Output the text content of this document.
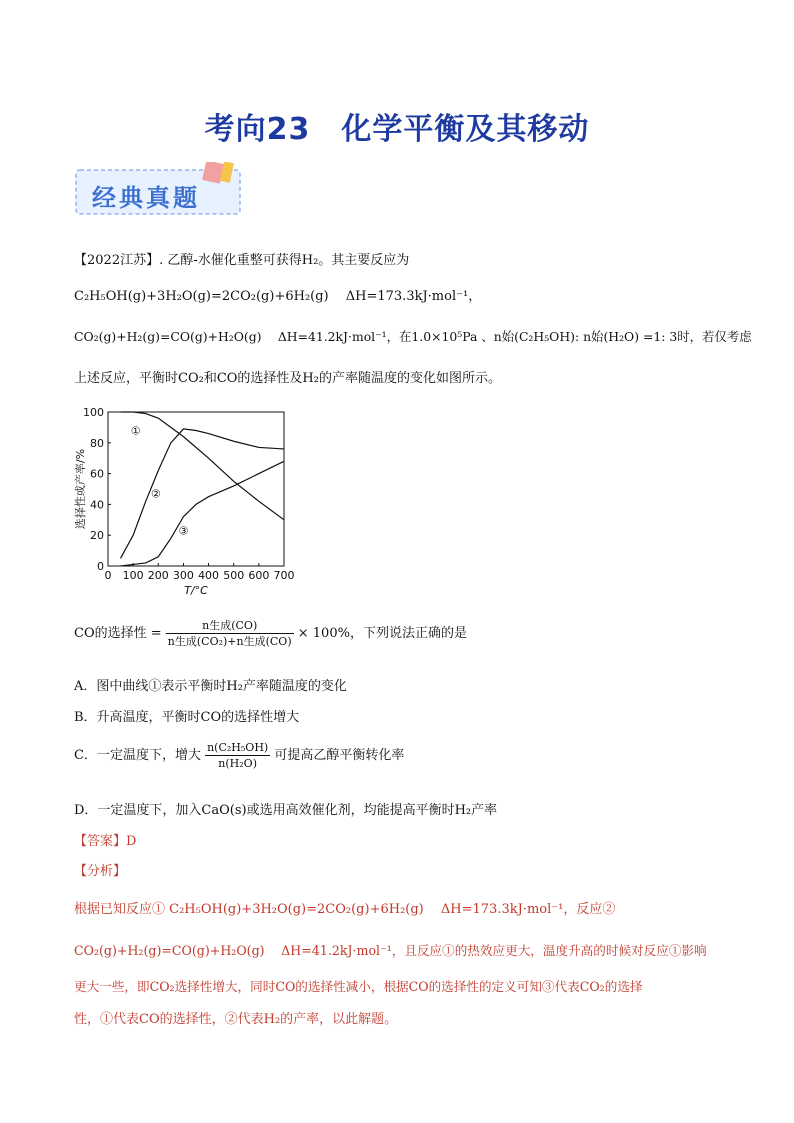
考向23　化学平衡及其移动
经典真题
【2022江苏】. 乙醇-水催化重整可获得H₂。其主要反应为
C₂H₅OH(g)+3H₂O(g)=2CO₂(g)+6H₂(g)　 ΔH=173.3kJ·mol⁻¹，
CO₂(g)+H₂(g)=CO(g)+H₂O(g)　 ΔH=41.2kJ·mol⁻¹，在1.0×10⁵Pa 、n始(C₂H₅OH): n始(H₂O) =1: 3时，若仅考虑
上述反应，平衡时CO₂和CO的选择性及H₂的产率随温度的变化如图所示。
0 100 200 300 400 500 600 700
0
20
40
60
80
100
T/°C
选择性或产率/%
①
②
③
CO的选择性 = $\frac{\text{n生成(CO)}}{\text{n生成(CO₂)+n生成(CO)}} \times 100\%$，下列说法正确的是
A．图中曲线①表示平衡时H₂产率随温度的变化
B．升高温度，平衡时CO的选择性增大
C．一定温度下，增大 $\frac{\text{n(C₂H₅OH)}}{\text{n(H₂O)}}$ 可提高乙醇平衡转化率
D．一定温度下，加入CaO(s)或选用高效催化剂，均能提高平衡时H₂产率
【答案】D
【分析】
根据已知反应① C₂H₅OH(g)+3H₂O(g)=2CO₂(g)+6H₂(g)　 ΔH=173.3kJ·mol⁻¹，反应②
CO₂(g)+H₂(g)=CO(g)+H₂O(g)　 ΔH=41.2kJ·mol⁻¹，且反应①的热效应更大，温度升高的时候对反应①影响
更大一些，即CO₂选择性增大，同时CO的选择性减小，根据CO的选择性的定义可知③代表CO₂的选择
性，①代表CO的选择性，②代表H₂的产率，以此解题。
